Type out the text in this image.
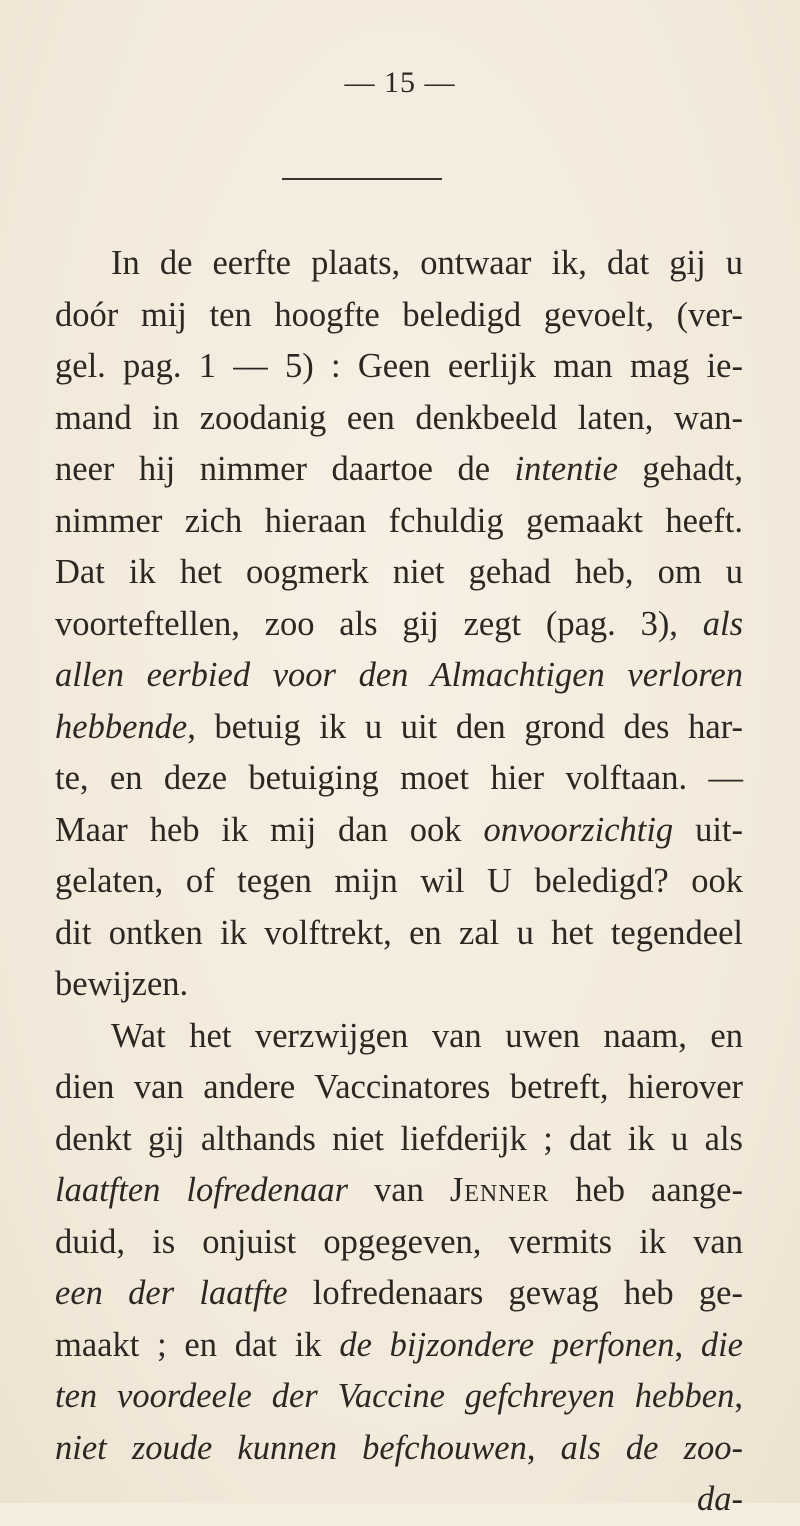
— 15 —
In de eerfte plaats, ontwaar ik, dat gij u
doór mij ten hoogfte beledigd gevoelt, (ver-
gel. pag. 1 — 5) : Geen eerlijk man mag ie-
mand in zoodanig een denkbeeld laten, wan-
neer hij nimmer daartoe de intentie gehadt,
nimmer zich hieraan fchuldig gemaakt heeft.
Dat ik het oogmerk niet gehad heb, om u
voorteftellen, zoo als gij zegt (pag. 3), als
allen eerbied voor den Almachtigen verloren
hebbende, betuig ik u uit den grond des har-
te, en deze betuiging moet hier volftaan. —
Maar heb ik mij dan ook onvoorzichtig uit-
gelaten, of tegen mijn wil U beledigd? ook
dit ontken ik volftrekt, en zal u het tegendeel
bewijzen.
Wat het verzwijgen van uwen naam, en
dien van andere Vaccinatores betreft, hierover
denkt gij althands niet liefderijk ; dat ik u als
laatften lofredenaar van Jenner heb aange-
duid, is onjuist opgegeven, vermits ik van
een der laatfte lofredenaars gewag heb ge-
maakt ; en dat ik de bijzondere perfonen, die
ten voordeele der Vaccine gefchreyen hebben,
niet zoude kunnen befchouwen, als de zoo-
da-
